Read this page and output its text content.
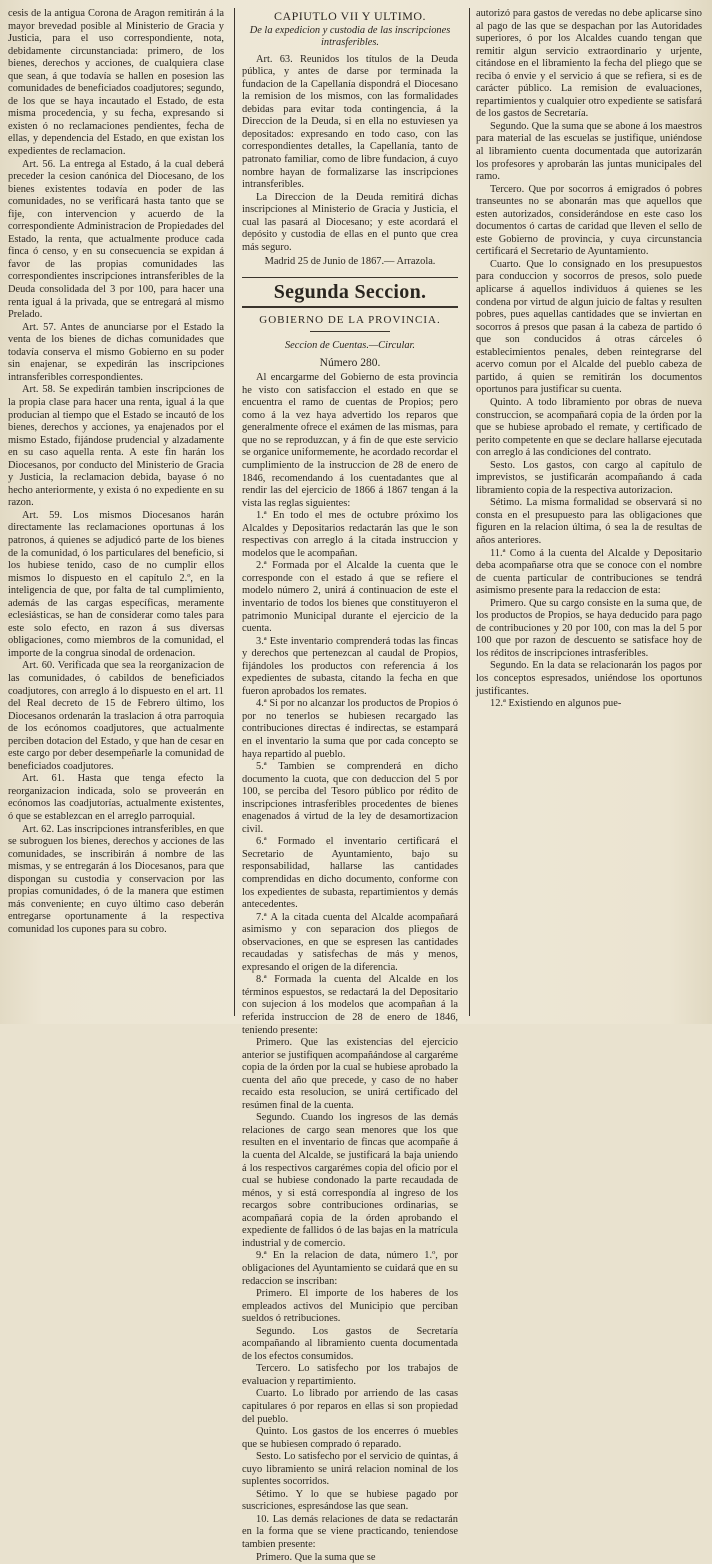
cesis de la antigua Corona de Aragon remitirán á la mayor brevedad posible al Ministerio de Gracia y Justicia, para el uso correspondiente, nota, debidamente circunstanciada: primero, de los bienes, derechos y acciones, de cualquiera clase que sean, á que todavía se hallen en posesion las comunidades de beneficiados coadjutores; segundo, de los que se haya incautado el Estado, de esta misma procedencia, y su fecha, expresando si existen ó no reclamaciones pendientes, fecha de ellas, y dependencia del Estado, en que existan los expedientes de reclamacion.

Art. 56. La entrega al Estado, á la cual deberá preceder la cesion canónica del Diocesano, de los bienes existentes todavía en poder de las comunidades, no se verificará hasta tanto que se fije, con intervencion y acuerdo de la correspondiente Administracion de Propiedades del Estado, la renta, que actualmente produce cada finca ó censo, y en su consecuencia se expidan á favor de las propias comunidades las correspondientes inscripciones intransferibles de la Deuda consolidada del 3 por 100, para hacer una renta igual á la privada, que se entregará al mismo Prelado.

Art. 57. Antes de anunciarse por el Estado la venta de los bienes de dichas comunidades que todavía conserva el mismo Gobierno en su poder sin enajenar, se expedirán las inscripciones intransferibles correspondientes.

Art. 58. Se expedirán tambien inscripciones de la propia clase para hacer una renta, igual á la que producian al tiempo que el Estado se incautó de los bienes, derechos y acciones, ya enajenados por el mismo Estado, fijándose prudencial y alzadamente en su caso aquella renta. A este fin harán los Diocesanos, por conducto del Ministerio de Gracia y Justicia, la reclamacion debida, bayase ó no hecho anteriormente, y exista ó no expediente en su razon.

Art. 59. Los mismos Diocesanos harán directamente las reclamaciones oportunas á los patronos, á quienes se adjudicó parte de los bienes de la comunidad, ó los particulares del beneficio, si los hubiese tenido, caso de no cumplir ellos mismos lo dispuesto en el capítulo 2.º, en la inteligencia de que, por falta de tal cumplimiento, además de las cargas específicas, meramente eclesiásticas, se han de considerar como tales para este solo efecto, en razon á sus diversas obligaciones, como miembros de la comunidad, el importe de la congrua sinodal de ordenacion.

Art. 60. Verificada que sea la reorganizacion de las comunidades, ó cabildos de beneficiados coadjutores, con arreglo á lo dispuesto en el art. 11 del Real decreto de 15 de Febrero último, los Diocesanos ordenarán la traslacion á otra parroquia de los ecónomos coadjutores, que actualmente perciben dotacion del Estado, y que han de cesar en este cargo por deber desempeñarle la comunidad de beneficiados coadjutores.

Art. 61. Hasta que tenga efecto la reorganizacion indicada, solo se proveerán en ecónomos las coadjutorías, actualmente existentes, ó que se establezcan en el arreglo parroquial.

Art. 62. Las inscripciones intransferibles, en que se subroguen los bienes, derechos y acciones de las comunidades, se inscribirán á nombre de las mismas, y se entregarán á los Diocesanos, para que dispongan su custodia y conservacion por las propias comunidades, ó de la manera que estimen más conveniente; en cuyo último caso deberán entregarse oportunamente á la respectiva comunidad los cupones para su cobro.

CAPIUTLO VII Y ULTIMO.
De la expedicion y custodia de las inscripciones intrasferibles.

Art. 63. Reunidos los títulos de la Deuda pública, y antes de darse por terminada la fundacion de la Capellanía dispondrá el Diocesano la remision de los mismos, con las formalidades debidas para evitar toda contingencia, á la Direccion de la Deuda, si en ella no estuviesen ya depositados: expresando en todo caso, con las correspondientes detalles, la Capellanía, tanto de patronato familiar, como de libre fundacion, á cuyo nombre hayan de formalizarse las inscripciones intransferibles.

La Direccion de la Deuda remitirá dichas inscripciones al Ministerio de Gracia y Justicia, el cual las pasará al Diocesano; y este acordará el depósito y custodia de ellas en el punto que crea más seguro.

Madrid 25 de Junio de 1867.— Arrazola.

Segunda Seccion.
GOBIERNO DE LA PROVINCIA.
Seccion de Cuentas.—Circular.
Número 280.

Al encargarme del Gobierno de esta provincia he visto con satisfaccion el estado en que se encuentra el ramo de cuentas de Propios; pero como á la vez haya advertido los reparos que generalmente ofrece el exámen de las mismas, para que no se reproduzcan, y á fin de que este servicio se organice uniformemente, he acordado recordar el cumplimiento de la instruccion de 28 de enero de 1846, recomendando á los cuentadantes que al rendir las del ejercicio de 1866 á 1867 tengan á la vista las reglas siguientes:

1.ª En todo el mes de octubre próximo los Alcaldes y Depositarios redactarán las que le son respectivas con arreglo á la citada instruccion y modelos que le acompañan.

2.ª Formada por el Alcalde la cuenta que le corresponde con el estado á que se refiere el modelo número 2, unirá á continuacion de este el inventario de todos los bienes que constituyeron el patrimonio Municipal durante el ejercicio de la cuenta.

3.ª Este inventario comprenderá todas las fincas y derechos que pertenezcan al caudal de Propios, fijándoles los productos con referencia á los expedientes de subasta, citando la fecha en que fueron aprobados los remates.

4.ª Si por no alcanzar los productos de Propios ó por no tenerlos se hubiesen recargado las contribuciones directas é indirectas, se estampará en el inventario la suma que por cada concepto se haya repartido al pueblo.

5.ª Tambien se comprenderá en dicho documento la cuota, que con deduccion del 5 por 100, se perciba del Tesoro público por rédito de inscripciones intrasferibles procedentes de bienes enagenados á virtud de la ley de desamortizacion civil.

6.ª Formado el inventario certificará el Secretario de Ayuntamiento, bajo su responsabilidad, hallarse las cantidades comprendidas en dicho documento, conforme con los expedientes de subasta, repartimientos y demás antecedentes.

7.ª A la citada cuenta del Alcalde acompañará asimismo y con separacion dos pliegos de observaciones, en que se espresen las cantidades recaudadas y satisfechas de más y menos, expresando el origen de la diferencia.

8.ª Formada la cuenta del Alcalde en los términos espuestos, se redactará la del Depositario con sujecion á los modelos que acompañan á la referida instruccion de 28 de enero de 1846, teniendo presente:

Primero. Que las existencias del ejercicio anterior se justifiquen acompañándose al cargaréme copia de la órden por la cual se hubiese aprobado la cuenta del año que precede, y caso de no haber recaido esta resolucion, se unirá certificado del resúmen final de la cuenta.

Segundo. Cuando los ingresos de las demás relaciones de cargo sean menores que los que resulten en el inventario de fincas que acompañe á la cuenta del Alcalde, se justificará la baja uniendo á los respectivos cargarémes copia del oficio por el cual se hubiese condonado la parte recaudada de ménos, y si está correspondía al ingreso de los recargos sobre contribuciones ordinarias, se acompañará copia de la órden aprobando el expediente de fallidos ó de las bajas en la matrícula industrial y de comercio.

9.ª En la relacion de data, número 1.º, por obligaciones del Ayuntamiento se cuidará que en su redaccion se inscriban:

Primero. El importe de los haberes de los empleados activos del Municipio que perciban sueldos ó retribuciones.

Segundo. Los gastos de Secretaría acompañando al libramiento cuenta documentada de los efectos consumidos.

Tercero. Lo satisfecho por los trabajos de evaluacion y repartimiento.

Cuarto. Lo librado por arriendo de las casas capitulares ó por reparos en ellas si son propiedad del pueblo.

Quinto. Los gastos de los encerres ó muebles que se hubiesen comprado ó reparado.

Sesto. Lo satisfecho por el servicio de quintas, á cuyo libramiento se unirá relacion nominal de los suplentes socorridos.

Sétimo. Y lo que se hubiese pagado por suscriciones, espresándose las que sean.

10. Las demás relaciones de data se redactarán en la forma que se viene practicando, teniendose tambien presente:

Primero. Que la suma que se

autorizó para gastos de veredas no debe aplicarse sino al pago de las que se despachan por las Autoridades superiores, ó por los Alcaldes cuando tengan que remitir algun servicio extraordinario y urjente, citándose en el libramiento la fecha del pliego que se reciba ó envie y el servicio á que se refiera, si es de carácter público. La remision de evaluaciones, repartimientos y cualquier otro expediente se satisfará de los gastos de Secretaría.

Segundo. Que la suma que se abone á los maestros para material de las escuelas se justifique, uniéndose al libramiento cuenta documentada que autorizarán los profesores y aprobarán las juntas municipales del ramo.

Tercero. Que por socorros á emigrados ó pobres transeuntes no se abonarán mas que aquellos que esten autorizados, considerándose en este caso los documentos ó cartas de caridad que lleven el sello de este Gobierno de provincia, y cuya circunstancia certificará el Secretario de Ayuntamiento.

Cuarto. Que lo consignado en los presupuestos para conduccion y socorros de presos, solo puede aplicarse á aquellos individuos á quienes se les condena por virtud de algun juicio de faltas y resulten pobres, pues aquellas cantidades que se inviertan en socorros á presos que pasan á la cabeza de partido ó que son conducidos á otras cárceles ó establecimientos penales, deben reintegrarse del acervo comun por el Alcalde del pueblo cabeza de partido, á quien se remitirán los documentos oportunos para justificar su cuenta.

Quinto. A todo libramiento por obras de nueva construccion, se acompañará copia de la órden por la que se hubiese aprobado el remate, y certificado de perito competente en que se declare hallarse ejecutada con arreglo á las condiciones del contrato.

Sesto. Los gastos, con cargo al capítulo de imprevistos, se justificarán acompañando á cada libramiento copia de la respectiva autorizacion.

Sétimo. La misma formalidad se observará si no consta en el presupuesto para las obligaciones que figuren en la relacion última, ó sea la de resultas de años anteriores.

11.ª Como á la cuenta del Alcalde y Depositario deba acompañarse otra que se conoce con el nombre de cuenta particular de contribuciones se tendrá asimismo presente para la redaccion de esta:

Primero. Que su cargo consiste en la suma que, de los productos de Propios, se haya deducido para pago de contribuciones y 20 por 100, con mas la del 5 por 100 que por razon de descuento se satisface hoy de los réditos de inscripciones intrasferibles.

Segundo. En la data se relacionarán los pagos por los conceptos espresados, uniéndose los oportunos justificantes.

12.ª Existiendo en algunos pue-
